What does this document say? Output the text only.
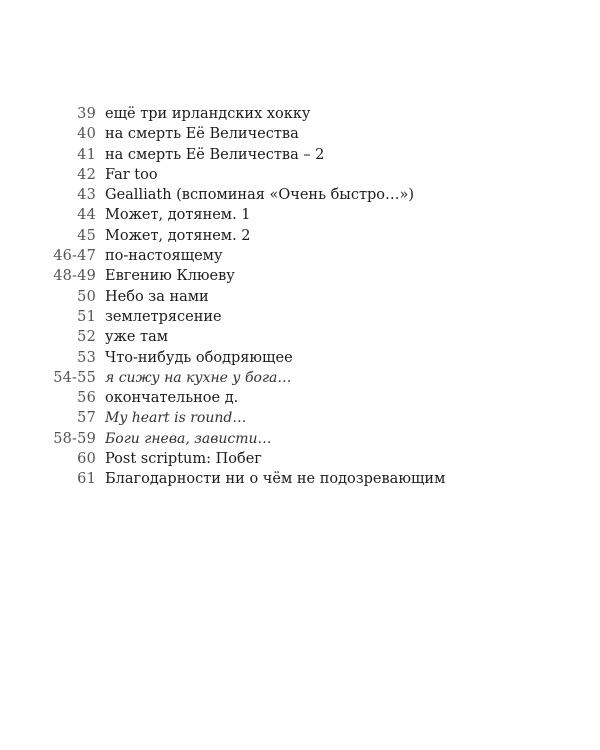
39 ещё три ирландских хокку
40 на смерть Её Величества
41 на смерть Её Величества – 2
42 Far too
43 Gealliath (вспоминая «Очень быстро…»)
44 Может, дотянем. 1
45 Может, дотянем. 2
46-47 по-настоящему
48-49 Евгению Клюеву
50 Небо за нами
51 землетрясение
52 уже там
53 Что-нибудь ободряющее
54-55 я сижу на кухне у бога…
56 окончательное д.
57 My heart is round…
58-59 Боги гнева, зависти…
60 Post scriptum: Побег
61 Благодарности ни о чём не подозревающим
